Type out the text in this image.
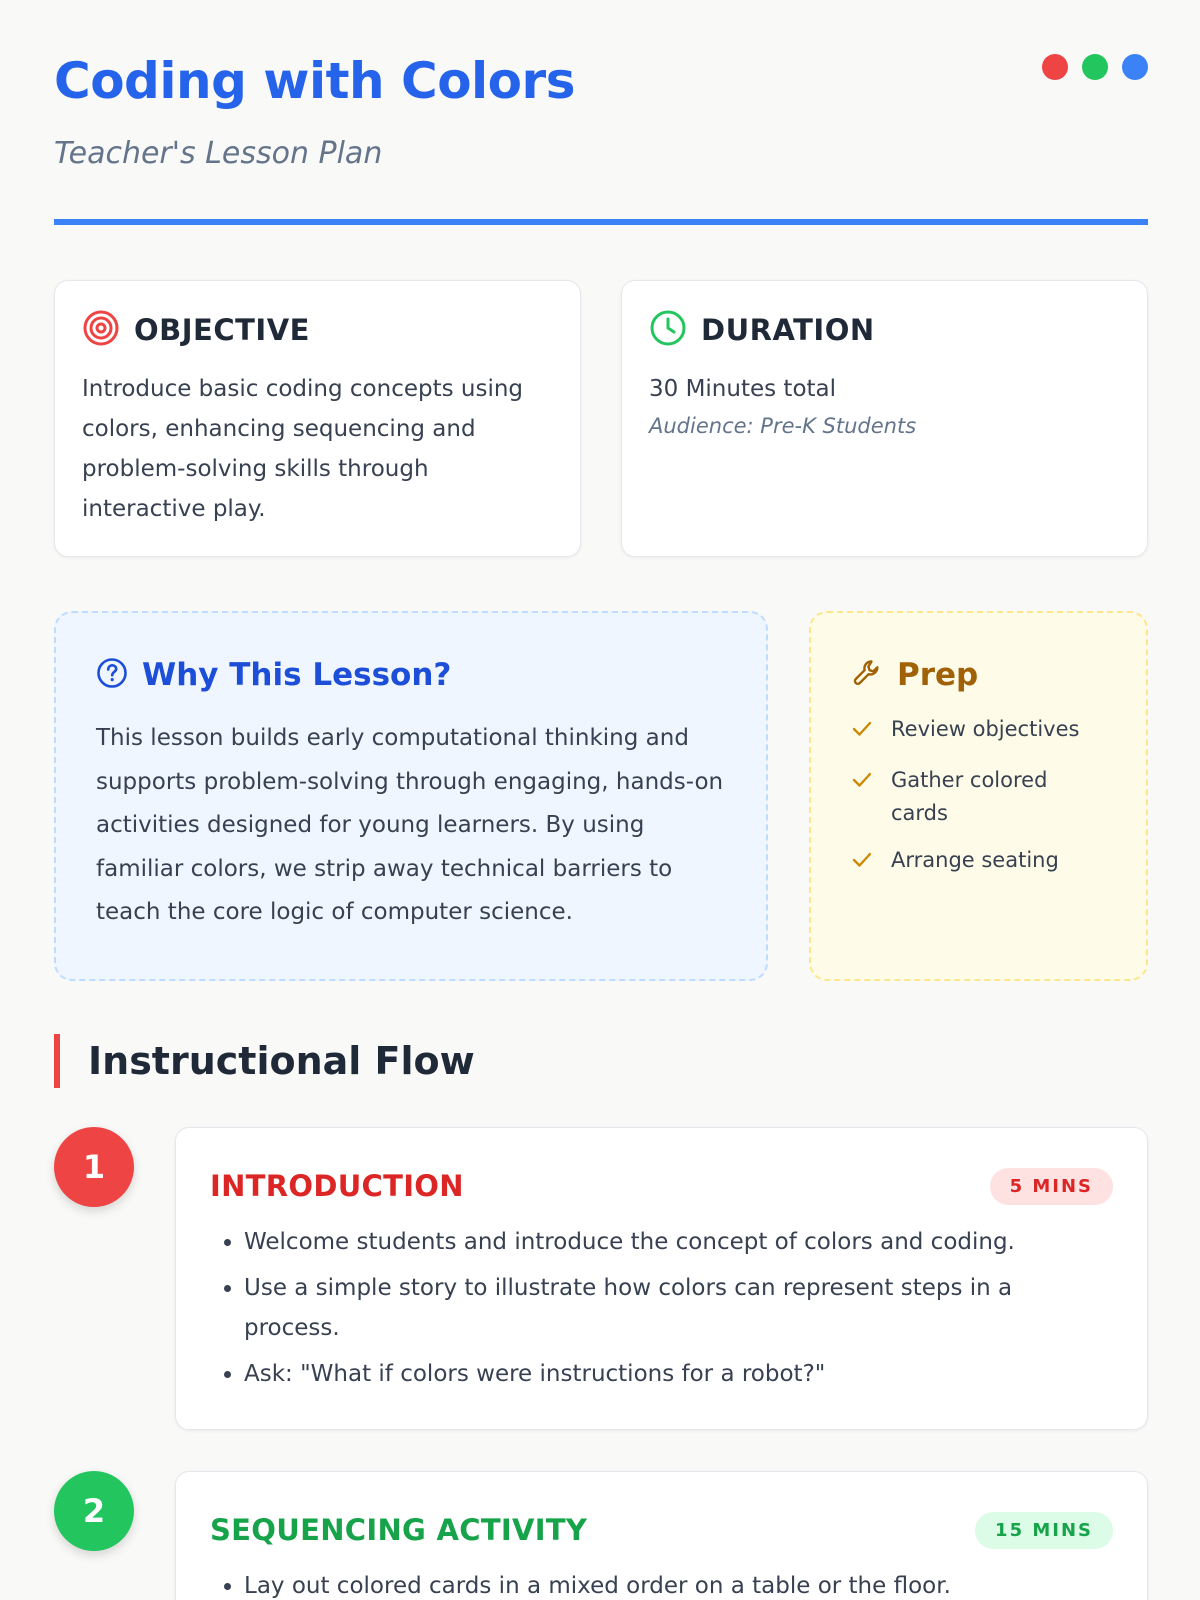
Coding with Colors
Teacher's Lesson Plan
OBJECTIVE
Introduce basic coding concepts using colors, enhancing sequencing and problem-solving skills through interactive play.
DURATION
30 Minutes total
Audience: Pre-K Students
Why This Lesson?
This lesson builds early computational thinking and supports problem-solving through engaging, hands-on activities designed for young learners. By using familiar colors, we strip away technical barriers to teach the core logic of computer science.
Prep
Review objectives
Gather colored cards
Arrange seating
Instructional Flow
1	INTRODUCTION	5 MINS
• Welcome students and introduce the concept of colors and coding.
• Use a simple story to illustrate how colors can represent steps in a process.
• Ask: "What if colors were instructions for a robot?"
2	SEQUENCING ACTIVITY	15 MINS
• Lay out colored cards in a mixed order on a table or the floor.
